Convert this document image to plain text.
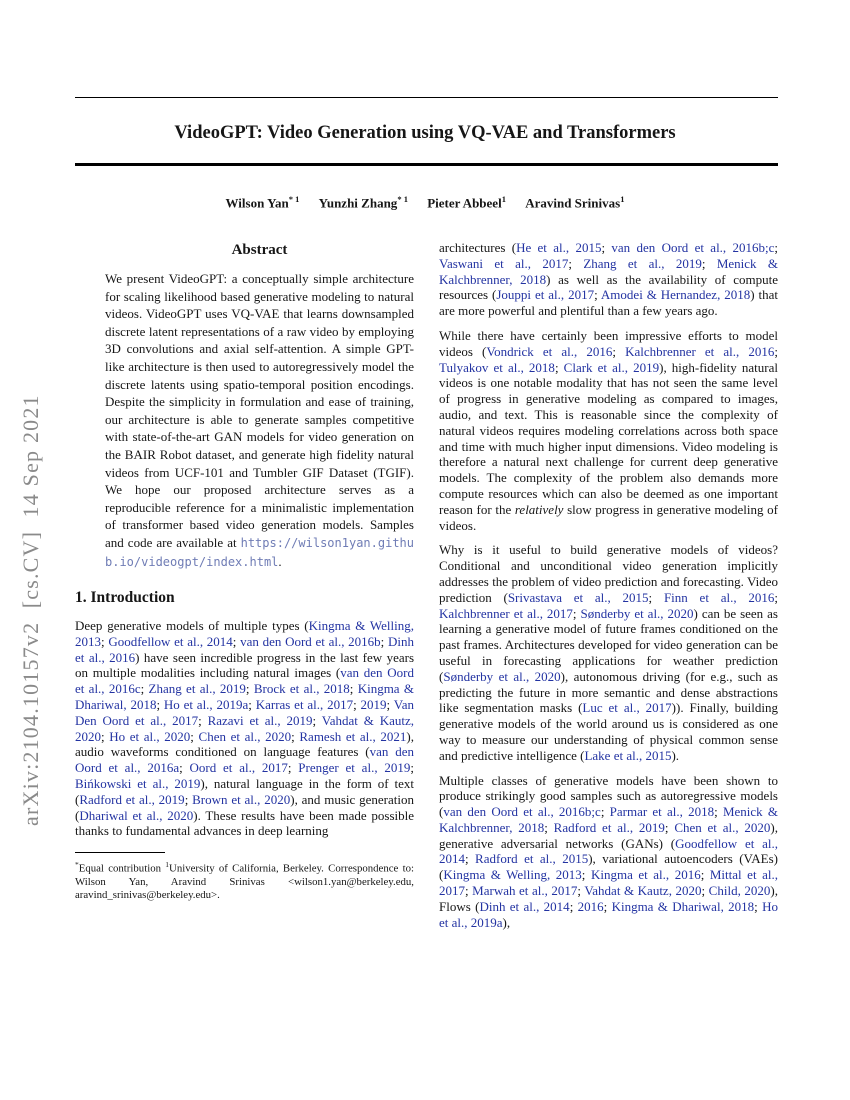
arXiv:2104.10157v2  [cs.CV]  14 Sep 2021
VideoGPT: Video Generation using VQ-VAE and Transformers
Wilson Yan$^{* 1}$ Yunzhi Zhang$^{* 1}$ Pieter Abbeel$^1$ Aravind Srinivas$^1$
Abstract
We present VideoGPT: a conceptually simple architecture for scaling likelihood based generative modeling to natural videos. VideoGPT uses VQ-VAE that learns downsampled discrete latent representations of a raw video by employing 3D convolutions and axial self-attention. A simple GPT-like architecture is then used to autoregressively model the discrete latents using spatio-temporal position encodings. Despite the simplicity in formulation and ease of training, our architecture is able to generate samples competitive with state-of-the-art GAN models for video generation on the BAIR Robot dataset, and generate high fidelity natural videos from UCF-101 and Tumbler GIF Dataset (TGIF). We hope our proposed architecture serves as a reproducible reference for a minimalistic implementation of transformer based video generation models. Samples and code are available at https://wilson1yan.github.io/videogpt/index.html.
1. Introduction
Deep generative models of multiple types (Kingma & Welling, 2013; Goodfellow et al., 2014; van den Oord et al., 2016b; Dinh et al., 2016) have seen incredible progress in the last few years on multiple modalities including natural images (van den Oord et al., 2016c; Zhang et al., 2019; Brock et al., 2018; Kingma & Dhariwal, 2018; Ho et al., 2019a; Karras et al., 2017; 2019; Van Den Oord et al., 2017; Razavi et al., 2019; Vahdat & Kautz, 2020; Ho et al., 2020; Chen et al., 2020; Ramesh et al., 2021), audio waveforms conditioned on language features (van den Oord et al., 2016a; Oord et al., 2017; Prenger et al., 2019; Bińkowski et al., 2019), natural language in the form of text (Radford et al., 2019; Brown et al., 2020), and music generation (Dhariwal et al., 2020). These results have been made possible thanks to fundamental advances in deep learning
*Equal contribution $^1$University of California, Berkeley. Correspondence to: Wilson Yan, Aravind Srinivas <wilson1.yan@berkeley.edu, aravind_srinivas@berkeley.edu>.
architectures (He et al., 2015; van den Oord et al., 2016b;c; Vaswani et al., 2017; Zhang et al., 2019; Menick & Kalchbrenner, 2018) as well as the availability of compute resources (Jouppi et al., 2017; Amodei & Hernandez, 2018) that are more powerful and plentiful than a few years ago.
While there have certainly been impressive efforts to model videos (Vondrick et al., 2016; Kalchbrenner et al., 2016; Tulyakov et al., 2018; Clark et al., 2019), high-fidelity natural videos is one notable modality that has not seen the same level of progress in generative modeling as compared to images, audio, and text. This is reasonable since the complexity of natural videos requires modeling correlations across both space and time with much higher input dimensions. Video modeling is therefore a natural next challenge for current deep generative models. The complexity of the problem also demands more compute resources which can also be deemed as one important reason for the relatively slow progress in generative modeling of videos.
Why is it useful to build generative models of videos? Conditional and unconditional video generation implicitly addresses the problem of video prediction and forecasting. Video prediction (Srivastava et al., 2015; Finn et al., 2016; Kalchbrenner et al., 2017; Sønderby et al., 2020) can be seen as learning a generative model of future frames conditioned on the past frames. Architectures developed for video generation can be useful in forecasting applications for weather prediction (Sønderby et al., 2020), autonomous driving (for e.g., such as predicting the future in more semantic and dense abstractions like segmentation masks (Luc et al., 2017)). Finally, building generative models of the world around us is considered as one way to measure our understanding of physical common sense and predictive intelligence (Lake et al., 2015).
Multiple classes of generative models have been shown to produce strikingly good samples such as autoregressive models (van den Oord et al., 2016b;c; Parmar et al., 2018; Menick & Kalchbrenner, 2018; Radford et al., 2019; Chen et al., 2020), generative adversarial networks (GANs) (Goodfellow et al., 2014; Radford et al., 2015), variational autoencoders (VAEs) (Kingma & Welling, 2013; Kingma et al., 2016; Mittal et al., 2017; Marwah et al., 2017; Vahdat & Kautz, 2020; Child, 2020), Flows (Dinh et al., 2014; 2016; Kingma & Dhariwal, 2018; Ho et al., 2019a),
